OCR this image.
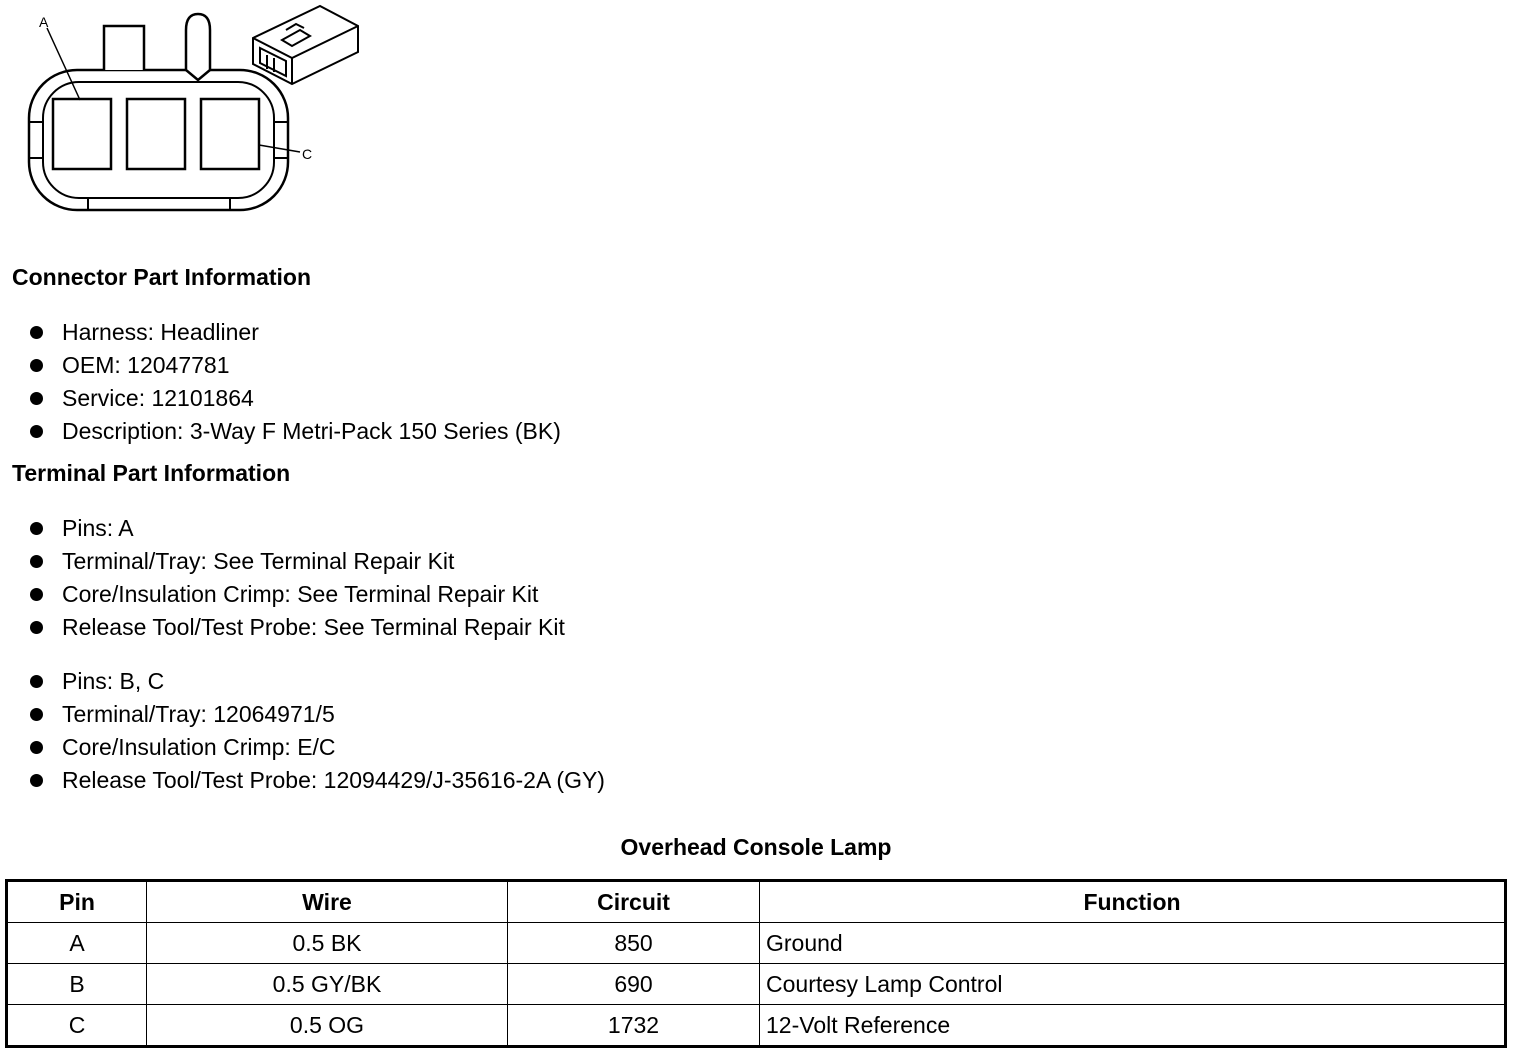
A
C
Connector Part Information
Harness: Headliner
OEM: 12047781
Service: 12101864
Description: 3-Way F Metri-Pack 150 Series (BK)
Terminal Part Information
Pins: A
Terminal/Tray: See Terminal Repair Kit
Core/Insulation Crimp: See Terminal Repair Kit
Release Tool/Test Probe: See Terminal Repair Kit
Pins: B, C
Terminal/Tray: 12064971/5
Core/Insulation Crimp: E/C
Release Tool/Test Probe: 12094429/J-35616-2A (GY)
Overhead Console Lamp
Pin	Wire	Circuit	Function
A	0.5 BK	850	Ground
B	0.5 GY/BK	690	Courtesy Lamp Control
C	0.5 OG	1732	12-Volt Reference
